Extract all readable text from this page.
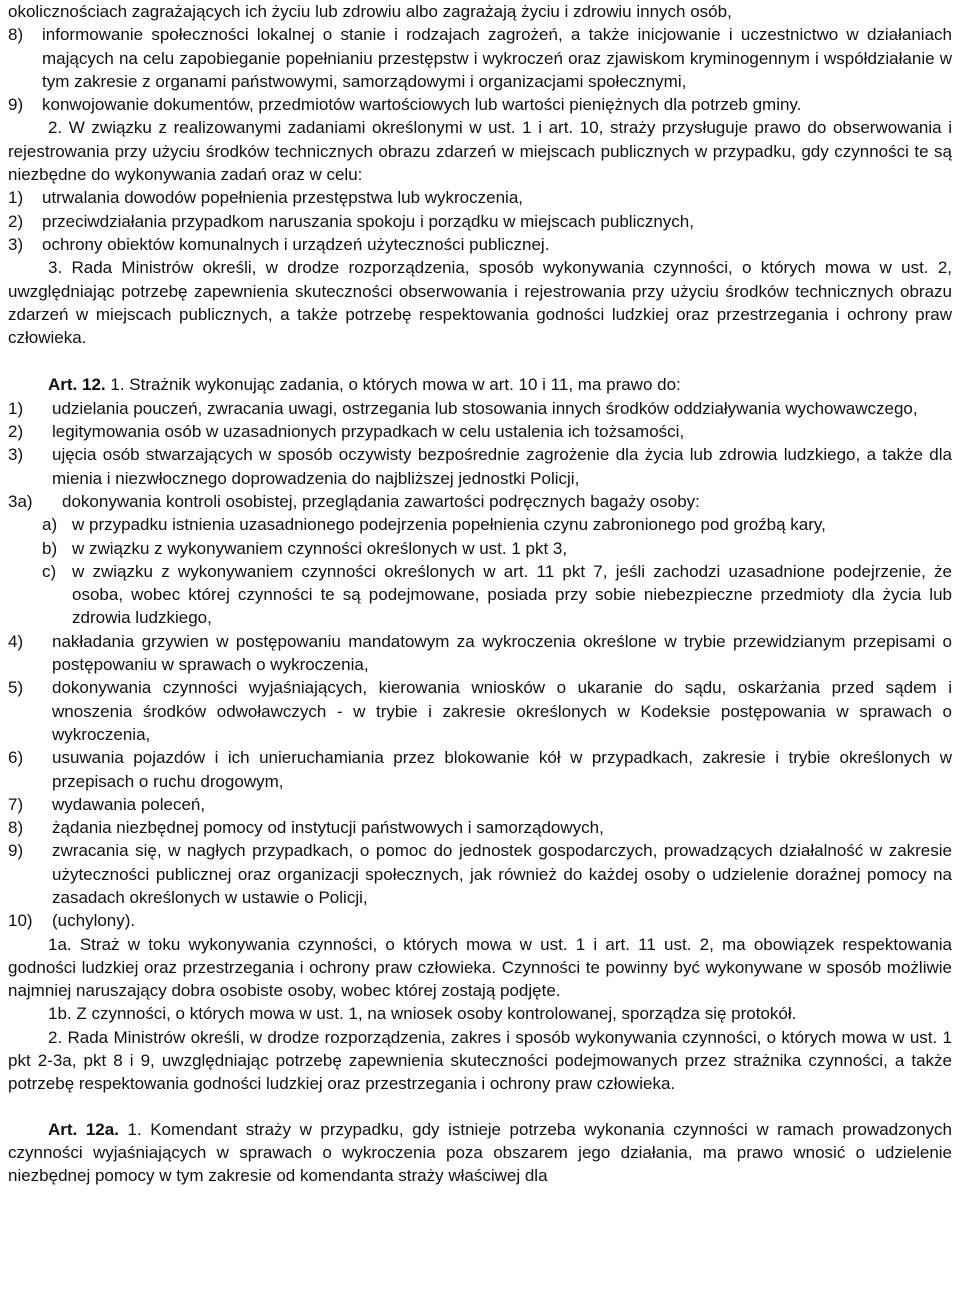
okolicznościach zagrażających ich życiu lub zdrowiu albo zagrażają życiu i zdrowiu innych osób,

8)	informowanie społeczności lokalnej o stanie i rodzajach zagrożeń, a także inicjowanie i uczestnictwo w działaniach mających na celu zapobieganie popełnianiu przestępstw i wykroczeń oraz zjawiskom kryminogennym i współdziałanie w tym zakresie z organami państwowymi, samorządowymi i organizacjami społecznymi,
9)	konwojowanie dokumentów, przedmiotów wartościowych lub wartości pieniężnych dla potrzeb gminy.

2. W związku z realizowanymi zadaniami określonymi w ust. 1 i art. 10, straży przysługuje prawo do obserwowania i rejestrowania przy użyciu środków technicznych obrazu zdarzeń w miejscach publicznych w przypadku, gdy czynności te są niezbędne do wykonywania zadań oraz w celu:

1)	utrwalania dowodów popełnienia przestępstwa lub wykroczenia,
2)	przeciwdziałania przypadkom naruszania spokoju i porządku w miejscach publicznych,
3)	ochrony obiektów komunalnych i urządzeń użyteczności publicznej.

3. Rada Ministrów określi, w drodze rozporządzenia, sposób wykonywania czynności, o których mowa w ust. 2, uwzględniając potrzebę zapewnienia skuteczności obserwowania i rejestrowania przy użyciu środków technicznych obrazu zdarzeń w miejscach publicznych, a także potrzebę respektowania godności ludzkiej oraz przestrzegania i ochrony praw człowieka.

Art. 12. 1. Strażnik wykonując zadania, o których mowa w art. 10 i 11, ma prawo do:

1)	udzielania pouczeń, zwracania uwagi, ostrzegania lub stosowania innych środków oddziaływania wychowawczego,
2)	legitymowania osób w uzasadnionych przypadkach w celu ustalenia ich tożsamości,
3)	ujęcia osób stwarzających w sposób oczywisty bezpośrednie zagrożenie dla życia lub zdrowia ludzkiego, a także dla mienia i niezwłocznego doprowadzenia do najbliższej jednostki Policji,
3a)	dokonywania kontroli osobistej, przeglądania zawartości podręcznych bagaży osoby:
a) w przypadku istnienia uzasadnionego podejrzenia popełnienia czynu zabronionego pod groźbą kary,
b) w związku z wykonywaniem czynności określonych w ust. 1 pkt 3,
c) w związku z wykonywaniem czynności określonych w art. 11 pkt 7, jeśli zachodzi uzasadnione podejrzenie, że osoba, wobec której czynności te są podejmowane, posiada przy sobie niebezpieczne przedmioty dla życia lub zdrowia ludzkiego,
4)	nakładania grzywien w postępowaniu mandatowym za wykroczenia określone w trybie przewidzianym przepisami o postępowaniu w sprawach o wykroczenia,
5)	dokonywania czynności wyjaśniających, kierowania wniosków o ukaranie do sądu, oskarżania przed sądem i wnoszenia środków odwoławczych - w trybie i zakresie określonych w Kodeksie postępowania w sprawach o wykroczenia,
6)	usuwania pojazdów i ich unieruchamiania przez blokowanie kół w przypadkach, zakresie i trybie określonych w przepisach o ruchu drogowym,
7)	wydawania poleceń,
8)	żądania niezbędnej pomocy od instytucji państwowych i samorządowych,
9)	zwracania się, w nagłych przypadkach, o pomoc do jednostek gospodarczych, prowadzących działalność w zakresie użyteczności publicznej oraz organizacji społecznych, jak również do każdej osoby o udzielenie doraźnej pomocy na zasadach określonych w ustawie o Policji,
10)	(uchylony).

1a. Straż w toku wykonywania czynności, o których mowa w ust. 1 i art. 11 ust. 2, ma obowiązek respektowania godności ludzkiej oraz przestrzegania i ochrony praw człowieka. Czynności te powinny być wykonywane w sposób możliwie najmniej naruszający dobra osobiste osoby, wobec której zostają podjęte.

1b. Z czynności, o których mowa w ust. 1, na wniosek osoby kontrolowanej, sporządza się protokół.

2. Rada Ministrów określi, w drodze rozporządzenia, zakres i sposób wykonywania czynności, o których mowa w ust. 1 pkt 2-3a, pkt 8 i 9, uwzględniając potrzebę zapewnienia skuteczności podejmowanych przez strażnika czynności, a także potrzebę respektowania godności ludzkiej oraz przestrzegania i ochrony praw człowieka.

Art. 12a. 1. Komendant straży w przypadku, gdy istnieje potrzeba wykonania czynności w ramach prowadzonych czynności wyjaśniających w sprawach o wykroczenia poza obszarem jego działania, ma prawo wnosić o udzielenie niezbędnej pomocy w tym zakresie od komendanta straży właściwej dla
